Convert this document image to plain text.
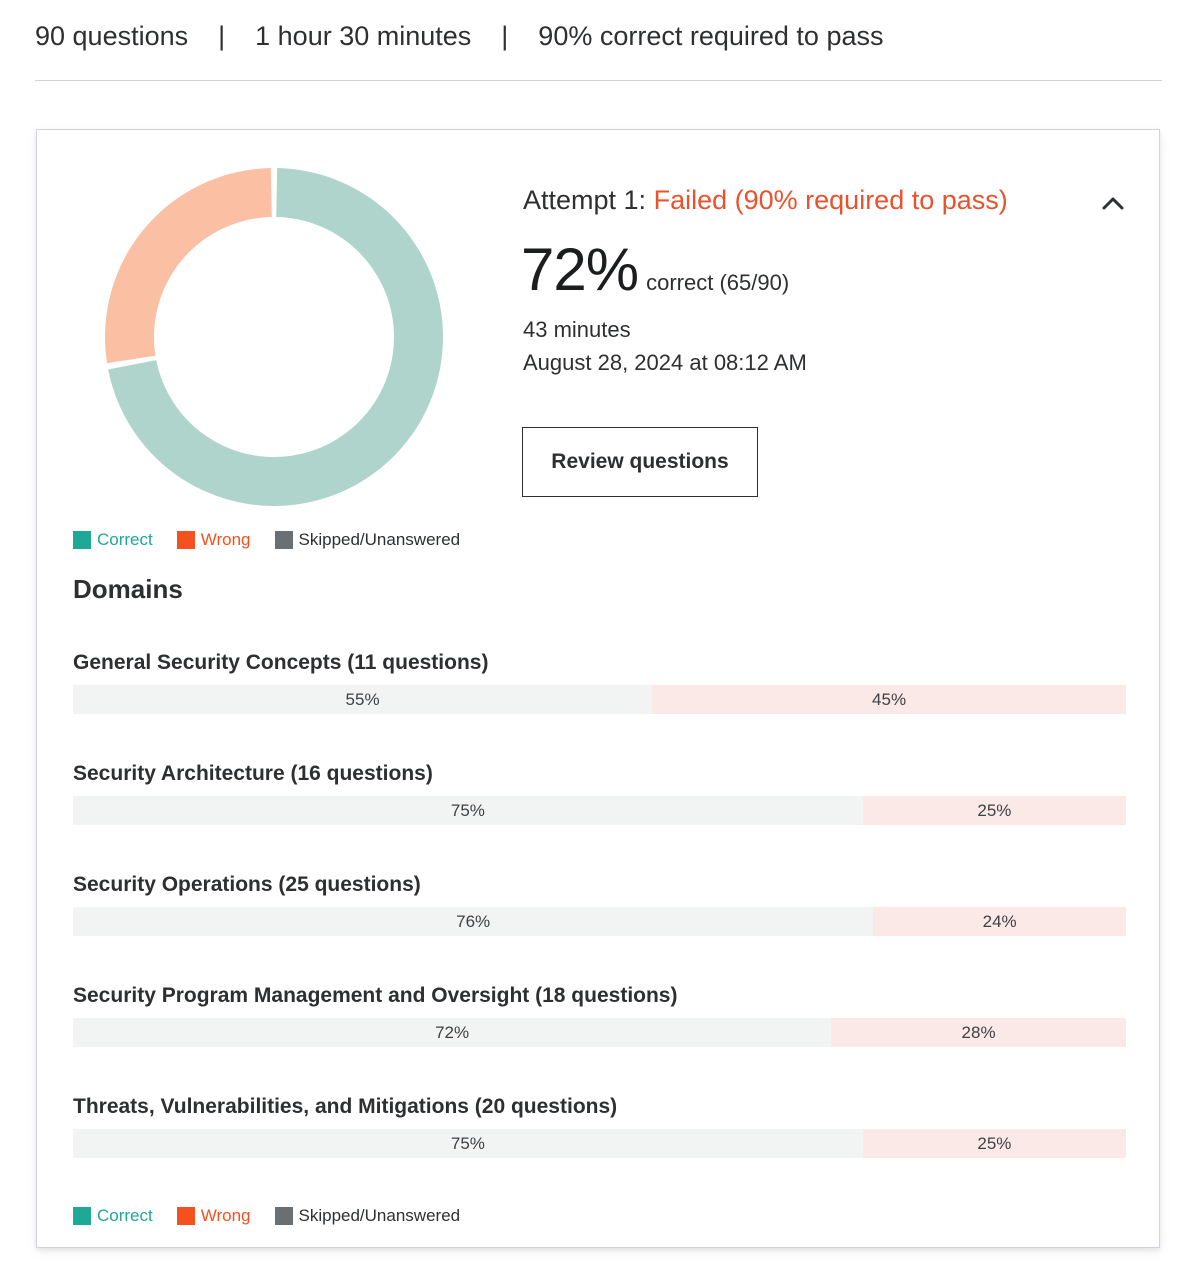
90 questions | 1 hour 30 minutes | 90% correct required to pass
Attempt 1: Failed (90% required to pass)
72% correct (65/90)
43 minutes
August 28, 2024 at 08:12 AM
Review questions
Correct	Wrong	Skipped/Unanswered
Domains
General Security Concepts (11 questions)
55%	45%
Security Architecture (16 questions)
75%	25%
Security Operations (25 questions)
76%	24%
Security Program Management and Oversight (18 questions)
72%	28%
Threats, Vulnerabilities, and Mitigations (20 questions)
75%	25%
Correct	Wrong	Skipped/Unanswered
